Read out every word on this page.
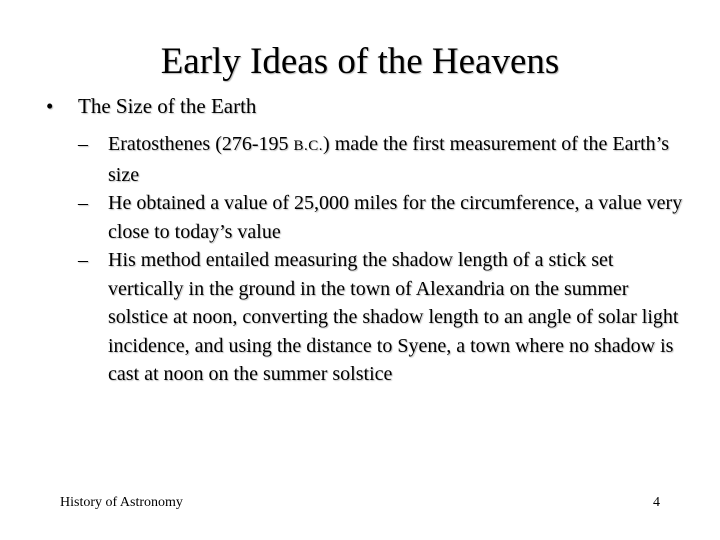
Early Ideas of the Heavens
• The Size of the Earth
– Eratosthenes (276-195 B.C.) made the first measurement of the Earth’s size
– He obtained a value of 25,000 miles for the circumference, a value very close to today’s value
– His method entailed measuring the shadow length of a stick set vertically in the ground in the town of Alexandria on the summer solstice at noon, converting the shadow length to an angle of solar light incidence, and using the distance to Syene, a town where no shadow is cast at noon on the summer solstice
History of Astronomy	4
